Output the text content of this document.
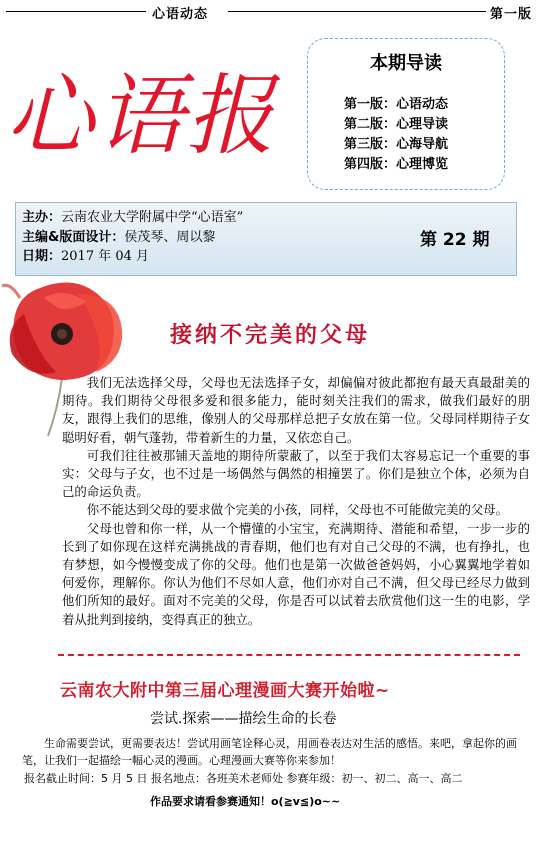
心语动态	第一版
心语报
本期导读
第一版：心语动态
第二版：心理导读
第三版：心海导航
第四版：心理博览
主办：云南农业大学附属中学“心语室”
主编&版面设计：侯茂琴、周以黎
日期：2017 年 04 月
第 22 期
接纳不完美的父母

我们无法选择父母，父母也无法选择子女，却偏偏对彼此都抱有最天真最甜美的期待。我们期待父母很多爱和很多能力，能时刻关注我们的需求，做我们最好的朋友，跟得上我们的思维，像别人的父母那样总把子女放在第一位。父母同样期待子女聪明好看，朝气蓬勃，带着新生的力量，又依恋自己。

可我们往往被那铺天盖地的期待所蒙蔽了，以至于我们太容易忘记一个重要的事实：父母与子女，也不过是一场偶然与偶然的相撞罢了。你们是独立个体，必须为自己的命运负责。

你不能达到父母的要求做个完美的小孩，同样，父母也不可能做完美的父母。

父母也曾和你一样，从一个懵懂的小宝宝，充满期待、潜能和希望，一步一步的长到了如你现在这样充满挑战的青春期，他们也有对自己父母的不满，也有挣扎，也有梦想，如今慢慢变成了你的父母。他们也是第一次做爸爸妈妈，小心翼翼地学着如何爱你，理解你。你认为他们不尽如人意，他们亦对自己不满，但父母已经尽力做到他们所知的最好。面对不完美的父母，你是否可以试着去欣赏他们这一生的电影，学着从批判到接纳，变得真正的独立。

云南农大附中第三届心理漫画大赛开始啦~
尝试.探索——描绘生命的长卷

生命需要尝试，更需要表达！尝试用画笔诠释心灵，用画卷表达对生活的感悟。来吧，拿起你的画笔，让我们一起描绘一幅心灵的漫画。心理漫画大赛等你来参加！

报名截止时间：5 月 5 日 报名地点：各班美术老师处 参赛年级：初一、初二、高一、高二
作品要求请看参赛通知！o(≧v≦)o~~
